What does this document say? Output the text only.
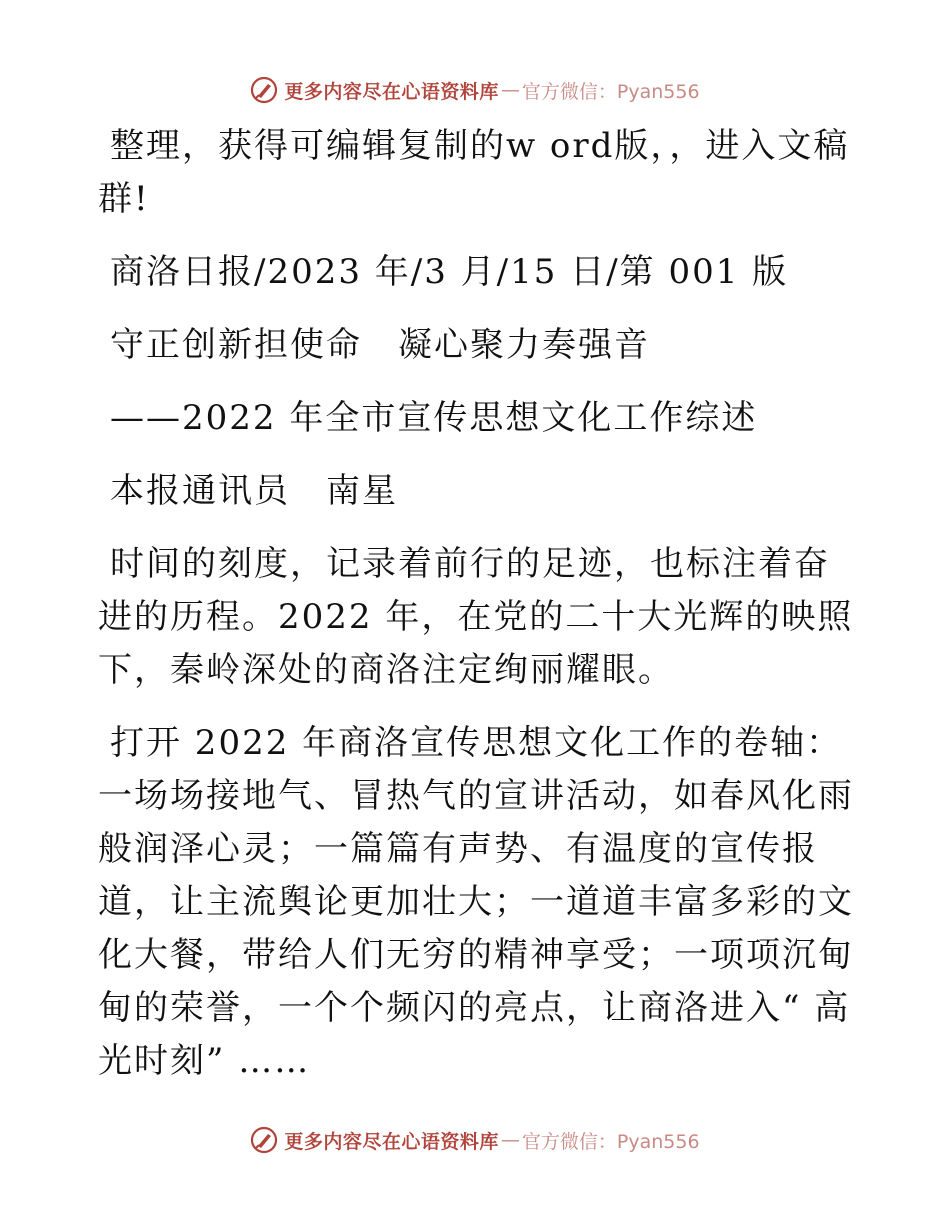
更多内容尽在心语资料库 — 官方微信：Pyan556

整理，获得可编辑复制的w ord版，，进入文稿群!

商洛日报/2023 年/3 月/15 日/第 001 版

守正创新担使命　凝心聚力奏强音

——2022 年全市宣传思想文化工作综述

本报通讯员　南星

时间的刻度，记录着前行的足迹，也标注着奋进的历程。2022 年，在党的二十大光辉的映照下，秦岭深处的商洛注定绚丽耀眼。

打开 2022 年商洛宣传思想文化工作的卷轴：一场场接地气、冒热气的宣讲活动，如春风化雨般润泽心灵；一篇篇有声势、有温度的宣传报道，让主流舆论更加壮大；一道道丰富多彩的文化大餐，带给人们无穷的精神享受；一项项沉甸甸的荣誉，一个个频闪的亮点，让商洛进入“ 高光时刻” ……

更多内容尽在心语资料库 — 官方微信：Pyan556
